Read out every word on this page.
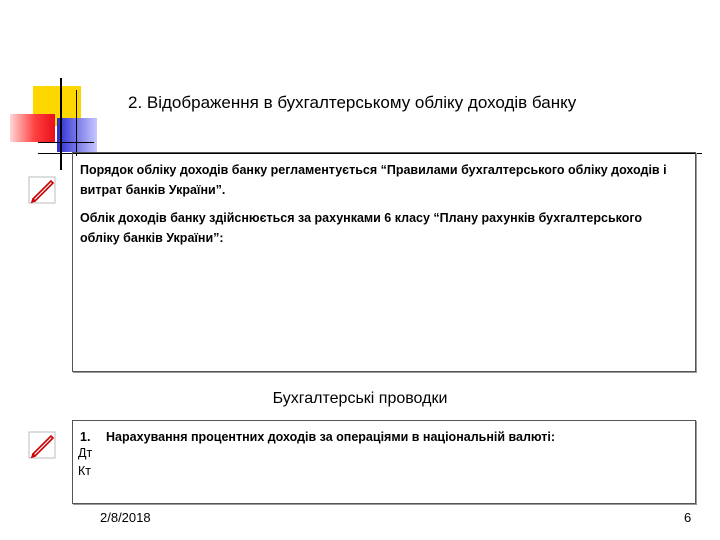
2. Відображення в бухгалтерському обліку доходів банку
Порядок обліку доходів банку регламентується “Правилами бухгалтерського обліку доходів і витрат банків України”.
Облік доходів банку здійснюється за рахунками 6 класу “Плану рахунків бухгалтерського обліку банків України”:
Бухгалтерські проводки
1. Нарахування процентних доходів за операціями в національній валюті:
Дт
Кт
2/8/2018	6
